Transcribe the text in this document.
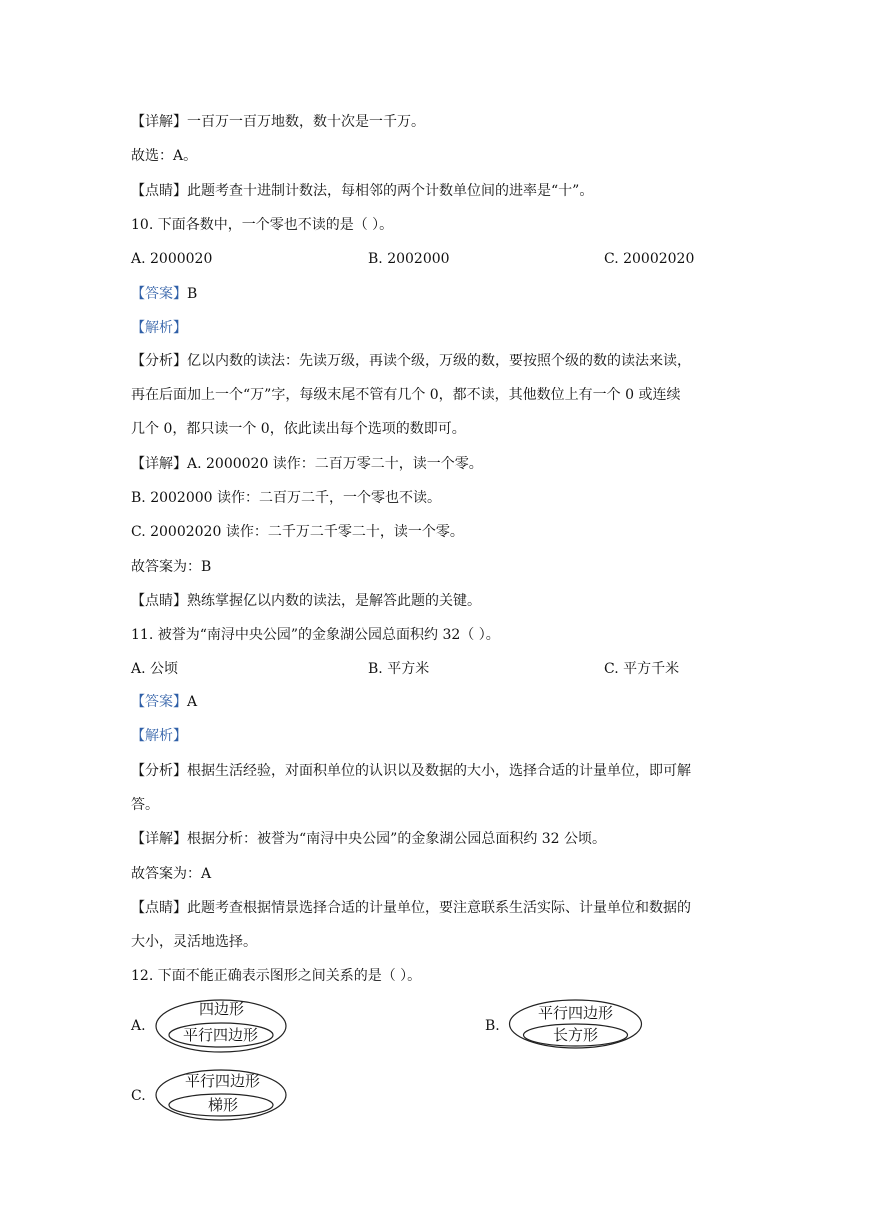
【详解】一百万一百万地数，数十次是一千万。
故选：A。
【点睛】此题考查十进制计数法，每相邻的两个计数单位间的进率是“十”。
10. 下面各数中，一个零也不读的是（ ）。
A. 2000020	B. 2002000	C. 20002020
【答案】B
【解析】
【分析】亿以内数的读法：先读万级，再读个级，万级的数，要按照个级的数的读法来读，
再在后面加上一个“万”字，每级末尾不管有几个 0，都不读，其他数位上有一个 0 或连续
几个 0，都只读一个 0，依此读出每个选项的数即可。
【详解】A. 2000020 读作：二百万零二十，读一个零。
B. 2002000 读作：二百万二千，一个零也不读。
C. 20002020 读作：二千万二千零二十，读一个零。
故答案为：B
【点睛】熟练掌握亿以内数的读法，是解答此题的关键。
11. 被誉为“南浔中央公园”的金象湖公园总面积约 32（ ）。
A. 公顷	B. 平方米	C. 平方千米
【答案】A
【解析】
【分析】根据生活经验，对面积单位的认识以及数据的大小，选择合适的计量单位，即可解
答。
【详解】根据分析：被誉为“南浔中央公园”的金象湖公园总面积约 32 公顷。
故答案为：A
【点睛】此题考查根据情景选择合适的计量单位，要注意联系生活实际、计量单位和数据的
大小，灵活地选择。
12. 下面不能正确表示图形之间关系的是（ ）。
A.
四边形
平行四边形	B.
平行四边形
长方形
C.
平行四边形
梯形
